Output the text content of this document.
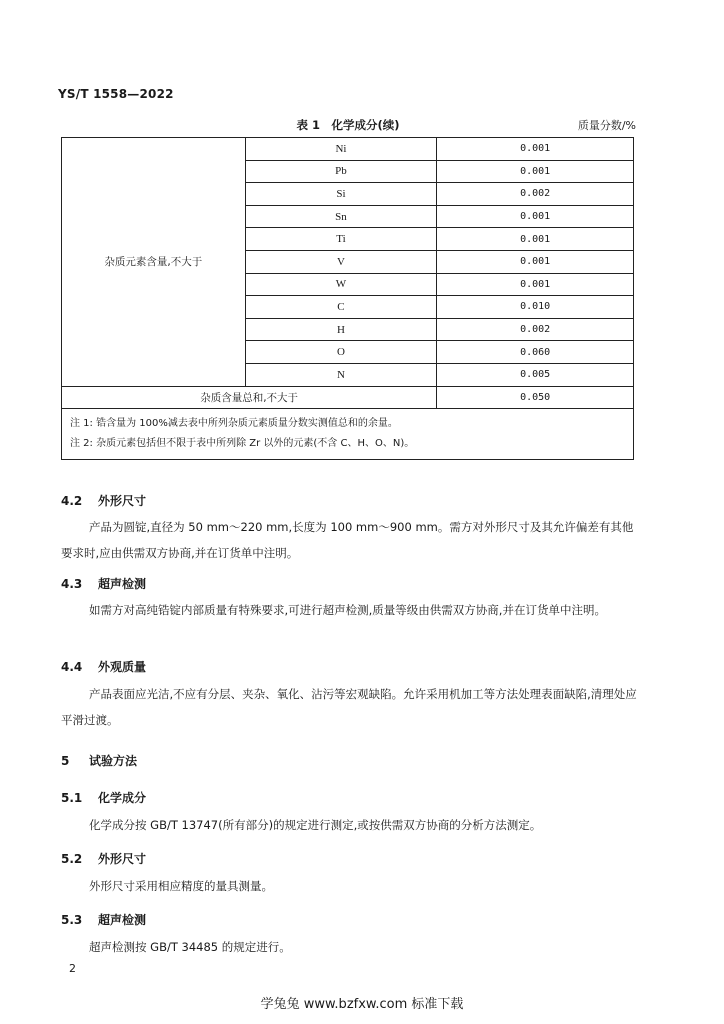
YS/T 1558—2022
表 1　化学成分(续)	质量分数/%
杂质元素含量,不大于	Ni	0.001
	Pb	0.001
	Si	0.002
	Sn	0.001
	Ti	0.001
	V	0.001
	W	0.001
	C	0.010
	H	0.002
	O	0.060
	N	0.005
杂质含量总和,不大于		0.050

注 1: 锆含量为 100%减去表中所列杂质元素质量分数实测值总和的余量。
注 2: 杂质元素包括但不限于表中所列除 Zr 以外的元素(不含 C、H、O、N)。		
4.2 外形尺寸
产品为圆锭,直径为 50 mm～220 mm,长度为 100 mm～900 mm。需方对外形尺寸及其允许偏差有其他要求时,应由供需双方协商,并在订货单中注明。
4.3 超声检测
如需方对高纯锆锭内部质量有特殊要求,可进行超声检测,质量等级由供需双方协商,并在订货单中注明。
4.4 外观质量
产品表面应光洁,不应有分层、夹杂、氧化、沾污等宏观缺陷。允许采用机加工等方法处理表面缺陷,清理处应平滑过渡。
5 试验方法
5.1 化学成分
化学成分按 GB/T 13747(所有部分)的规定进行测定,或按供需双方协商的分析方法测定。
5.2 外形尺寸
外形尺寸采用相应精度的量具测量。
5.3 超声检测
超声检测按 GB/T 34485 的规定进行。
2
学兔兔 www.bzfxw.com 标准下载
